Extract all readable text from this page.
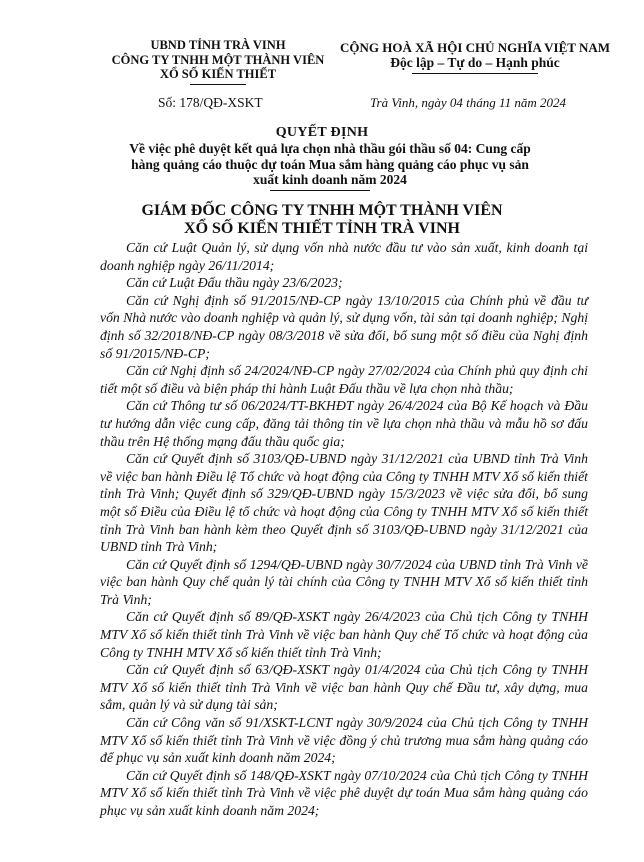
UBND TỈNH TRÀ VINH
CÔNG TY TNHH MỘT THÀNH VIÊN
XỔ SỐ KIẾN THIẾT
CỘNG HOÀ XÃ HỘI CHỦ NGHĨA VIỆT NAM
Độc lập – Tự do – Hạnh phúc
Số: 178/QĐ-XSKT	Trà Vinh, ngày 04 tháng 11 năm 2024
QUYẾT ĐỊNH
Về việc phê duyệt kết quả lựa chọn nhà thầu gói thầu số 04: Cung cấp hàng quảng cáo thuộc dự toán Mua sắm hàng quảng cáo phục vụ sản xuất kinh doanh năm 2024
GIÁM ĐỐC CÔNG TY TNHH MỘT THÀNH VIÊN
XỔ SỐ KIẾN THIẾT TỈNH TRÀ VINH

Căn cứ Luật Quản lý, sử dụng vốn nhà nước đầu tư vào sản xuất, kinh doanh tại doanh nghiệp ngày 26/11/2014;

Căn cứ Luật Đấu thầu ngày 23/6/2023;

Căn cứ Nghị định số 91/2015/NĐ-CP ngày 13/10/2015 của Chính phủ về đầu tư vốn Nhà nước vào doanh nghiệp và quản lý, sử dụng vốn, tài sản tại doanh nghiệp; Nghị định số 32/2018/NĐ-CP ngày 08/3/2018 về sửa đổi, bổ sung một số điều của Nghị định số 91/2015/NĐ-CP;

Căn cứ Nghị định số 24/2024/NĐ-CP ngày 27/02/2024 của Chính phủ quy định chi tiết một số điều và biện pháp thi hành Luật Đấu thầu về lựa chọn nhà thầu;

Căn cứ Thông tư số 06/2024/TT-BKHĐT ngày 26/4/2024 của Bộ Kế hoạch và Đầu tư hướng dẫn việc cung cấp, đăng tải thông tin về lựa chọn nhà thầu và mẫu hồ sơ đấu thầu trên Hệ thống mạng đấu thầu quốc gia;

Căn cứ Quyết định số 3103/QĐ-UBND ngày 31/12/2021 của UBND tỉnh Trà Vinh về việc ban hành Điều lệ Tổ chức và hoạt động của Công ty TNHH MTV Xổ số kiến thiết tỉnh Trà Vinh; Quyết định số 329/QĐ-UBND ngày 15/3/2023 về việc sửa đổi, bổ sung một số Điều của Điều lệ tổ chức và hoạt động của Công ty TNHH MTV Xổ số kiến thiết tỉnh Trà Vinh ban hành kèm theo Quyết định số 3103/QĐ-UBND ngày 31/12/2021 của UBND tỉnh Trà Vinh;

Căn cứ Quyết định số 1294/QĐ-UBND ngày 30/7/2024 của UBND tỉnh Trà Vinh về việc ban hành Quy chế quản lý tài chính của Công ty TNHH MTV Xổ số kiến thiết tỉnh Trà Vinh;

Căn cứ Quyết định số 89/QĐ-XSKT ngày 26/4/2023 của Chủ tịch Công ty TNHH MTV Xổ số kiến thiết tỉnh Trà Vinh về việc ban hành Quy chế Tổ chức và hoạt động của Công ty TNHH MTV Xổ số kiến thiết tỉnh Trà Vinh;

Căn cứ Quyết định số 63/QĐ-XSKT ngày 01/4/2024 của Chủ tịch Công ty TNHH MTV Xổ số kiến thiết tỉnh Trà Vinh về việc ban hành Quy chế Đầu tư, xây dựng, mua sắm, quản lý và sử dụng tài sản;

Căn cứ Công văn số 91/XSKT-LCNT ngày 30/9/2024 của Chủ tịch Công ty TNHH MTV Xổ số kiến thiết tỉnh Trà Vinh về việc đồng ý chủ trương mua sắm hàng quảng cáo để phục vụ sản xuất kinh doanh năm 2024;

Căn cứ Quyết định số 148/QĐ-XSKT ngày 07/10/2024 của Chủ tịch Công ty TNHH MTV Xổ số kiến thiết tỉnh Trà Vinh về việc phê duyệt dự toán Mua sắm hàng quảng cáo phục vụ sản xuất kinh doanh năm 2024;
